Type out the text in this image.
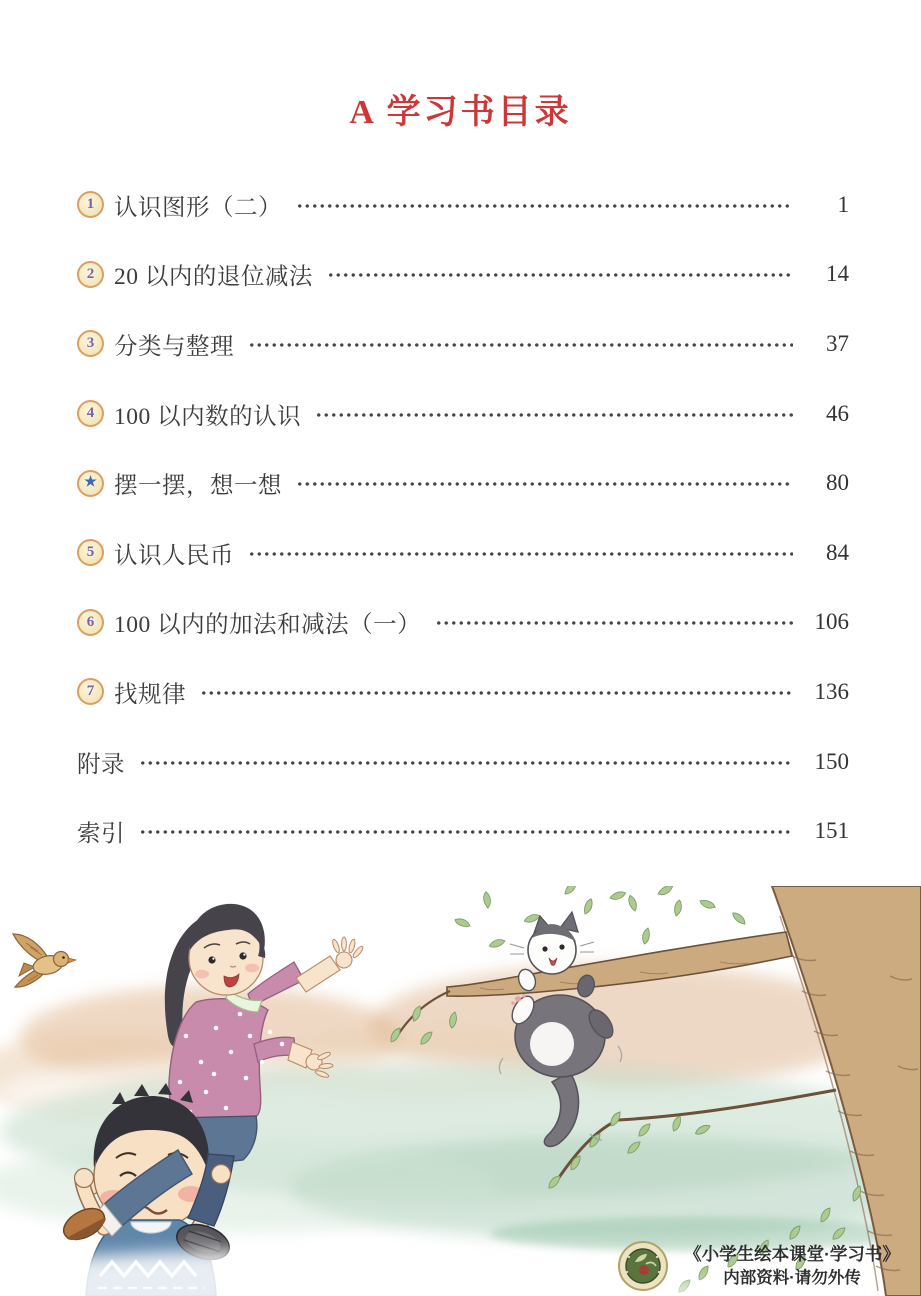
A 学习书目录
1 认识图形（二）	1
2 20 以内的退位减法	14
3 分类与整理	37
4 100 以内数的认识	46
★ 摆一摆，想一想	80
5 认识人民币	84
6 100 以内的加法和减法（一）	106
7 找规律	136
附录	150
索引	151
《小学生绘本课堂·学习书》
内部资料·请勿外传
